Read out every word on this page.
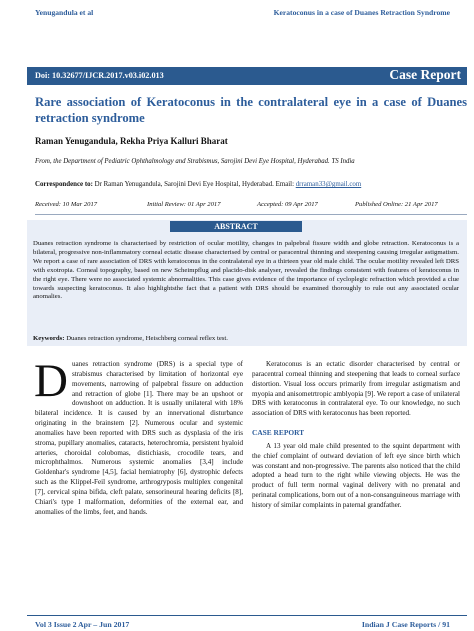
Yenugandula et al	Keratoconus in a case of Duanes Retraction Syndrome
Doi: 10.32677/IJCR.2017.v03.i02.013	Case Report
Rare association of Keratoconus in the contralateral eye in a case of Duanes retraction syndrome
Raman Yenugandula, Rekha Priya Kalluri Bharat
From, the Department of Pediatric Ophthalmology and Strabismus, Sarojini Devi Eye Hospital, Hyderabad. TS India
Correspondence to: Dr Raman Yenugandula, Sarojini Devi Eye Hospital, Hyderabad. Email: drraman33@gmail.com
Received: 10 Mar 2017	Initial Review: 01 Apr 2017	Accepted: 09 Apr 2017	Published Online: 21 Apr 2017
ABSTRACT
Duanes retraction syndrome is characterised by restriction of ocular motility, changes in palpebral fissure width and globe retraction. Keratoconus is a bilateral, progressive non-inflammatory corneal ectatic disease characterised by central or paracentral thinning and steepening causing irregular astigmatism. We report a case of rare association of DRS with keratoconus in the contralateral eye in a thirteen year old male child. The ocular motility revealed left DRS with exotropia. Corneal topography, based on new Scheimpflug and placido-disk analyser, revealed the findings consistent with features of keratoconus in the right eye. There were no associated systemic abnormalities. This case gives evidence of the importance of cycloplegic refraction which provided a clue towards suspecting keratoconus. It also highlightsthe fact that a patient with DRS should be examined thoroughly to rule out any associated ocular anomalies.
Keywords: Duanes retraction syndrome, Heischberg corneal reflex test.

Duanes retraction syndrome (DRS) is a special type of strabismus characterised by limitation of horizontal eye movements, narrowing of palpebral fissure on adduction and retraction of globe [1]. There may be an upshoot or downshoot on adduction. It is usually unilateral with 18% bilateral incidence. It is caused by an innervational disturbance originating in the brainstem [2]. Numerous ocular and systemic anomalies have been reported with DRS such as dysplasia of the iris stroma, pupillary anomalies, cataracts, heterochromia, persistent hyaloid arteries, choroidal colobomas, distichiasis, crocodile tears, and microphthalmos. Numerous systemic anomalies [3,4] include Goldenhar's syndrome [4,5], facial hemiatrophy [6], dystrophic defects such as the Klippel-Feil syndrome, arthrogryposis multiplex congenital [7], cervical spina bifida, cleft palate, sensorineural hearing deficits [8], Chiari's type I malformation, deformities of the external ear, and anomalies of the limbs, feet, and hands.

Keratoconus is an ectatic disorder characterised by central or paracentral corneal thinning and steepening that leads to corneal surface distortion. Visual loss occurs primarily from irregular astigmatism and myopia and anisometrtropic amblyopia [9]. We report a case of unilateral DRS with keratoconus in contralateral eye. To our knowledge, no such association of DRS with keratoconus has been reported.

CASE REPORT

A 13 year old male child presented to the squint department with the chief complaint of outward deviation of left eye since birth which was constant and non-progressive. The parents also noticed that the child adopted a head turn to the right while viewing objects. He was the product of full term normal vaginal delivery with no prenatal and perinatal complications, born out of a non-consanguineous marriage with history of similar complaints in paternal grandfather.

Vol 3 Issue 2 Apr – Jun 2017	Indian J Case Reports / 91
